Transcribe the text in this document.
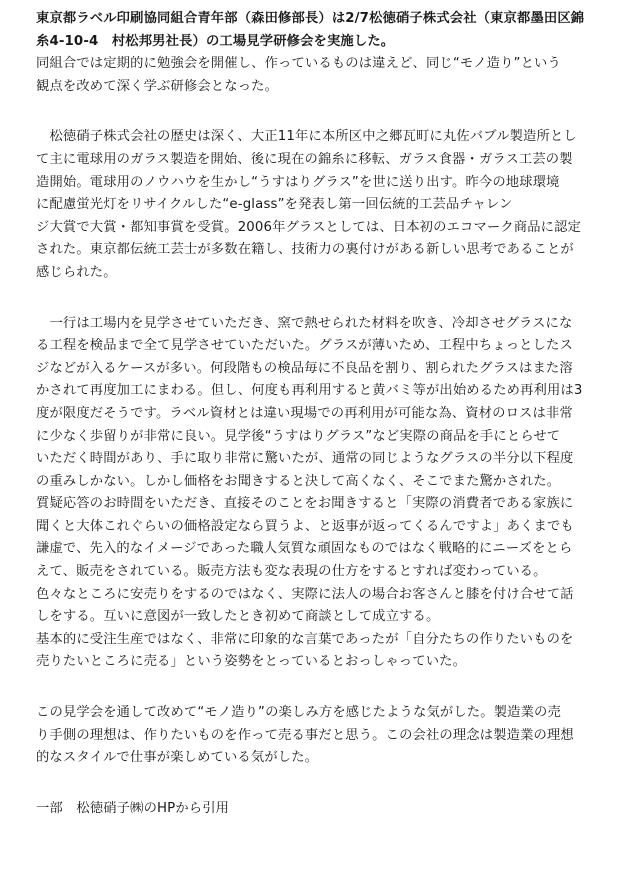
東京都ラベル印刷協同組合青年部（森田修部長）は2/7松徳硝子株式会社（東京都墨田区錦
糸4-10-4　村松邦男社長）の工場見学研修会を実施した。
同組合では定期的に勉強会を開催し、作っているものは違えど、同じ“モノ造り”という
観点を改めて深く学ぶ研修会となった。

　松徳硝子株式会社の歴史は深く、大正11年に本所区中之郷瓦町に丸佐バブル製造所とし
て主に電球用のガラス製造を開始、後に現在の錦糸に移転、ガラス食器・ガラス工芸の製
造開始。電球用のノウハウを生かし“うすはりグラス”を世に送り出す。昨今の地球環境
に配慮蛍光灯をリサイクルした“e-glass”を発表し第一回伝統的工芸品チャレン
ジ大賞で大賞・都知事賞を受賞。2006年グラスとしては、日本初のエコマーク商品に認定
された。東京都伝統工芸士が多数在籍し、技術力の裏付けがある新しい思考であることが
感じられた。

　一行は工場内を見学させていただき、窯で熱せられた材料を吹き、冷却させグラスにな
る工程を検品まで全て見学させていただいた。グラスが薄いため、工程中ちょっとしたス
ジなどが入るケースが多い。何段階もの検品毎に不良品を割り、割られたグラスはまた溶
かされて再度加工にまわる。但し、何度も再利用すると黄バミ等が出始めるため再利用は3
度が限度だそうです。ラベル資材とは違い現場での再利用が可能な為、資材のロスは非常
に少なく歩留りが非常に良い。見学後“うすはりグラス”など実際の商品を手にとらせて
いただく時間があり、手に取り非常に驚いたが、通常の同じようなグラスの半分以下程度
の重みしかない。しかし価格をお聞きすると決して高くなく、そこでまた驚かされた。
質疑応答のお時間をいただき、直接そのことをお聞きすると「実際の消費者である家族に
聞くと大体これぐらいの価格設定なら買うよ、と返事が返ってくるんですよ」あくまでも
謙虚で、先入的なイメージであった職人気質な頑固なものではなく戦略的にニーズをとら
えて、販売をされている。販売方法も変な表現の仕方をするとすれば変わっている。
色々なところに安売りをするのではなく、実際に法人の場合お客さんと膝を付け合せて話
しをする。互いに意図が一致したとき初めて商談として成立する。
基本的に受注生産ではなく、非常に印象的な言葉であったが「自分たちの作りたいものを
売りたいところに売る」という姿勢をとっているとおっしゃっていた。

この見学会を通して改めて“モノ造り”の楽しみ方を感じたような気がした。製造業の売
り手側の理想は、作りたいものを作って売る事だと思う。この会社の理念は製造業の理想
的なスタイルで仕事が楽しめている気がした。

一部　松徳硝子㈱のHPから引用
